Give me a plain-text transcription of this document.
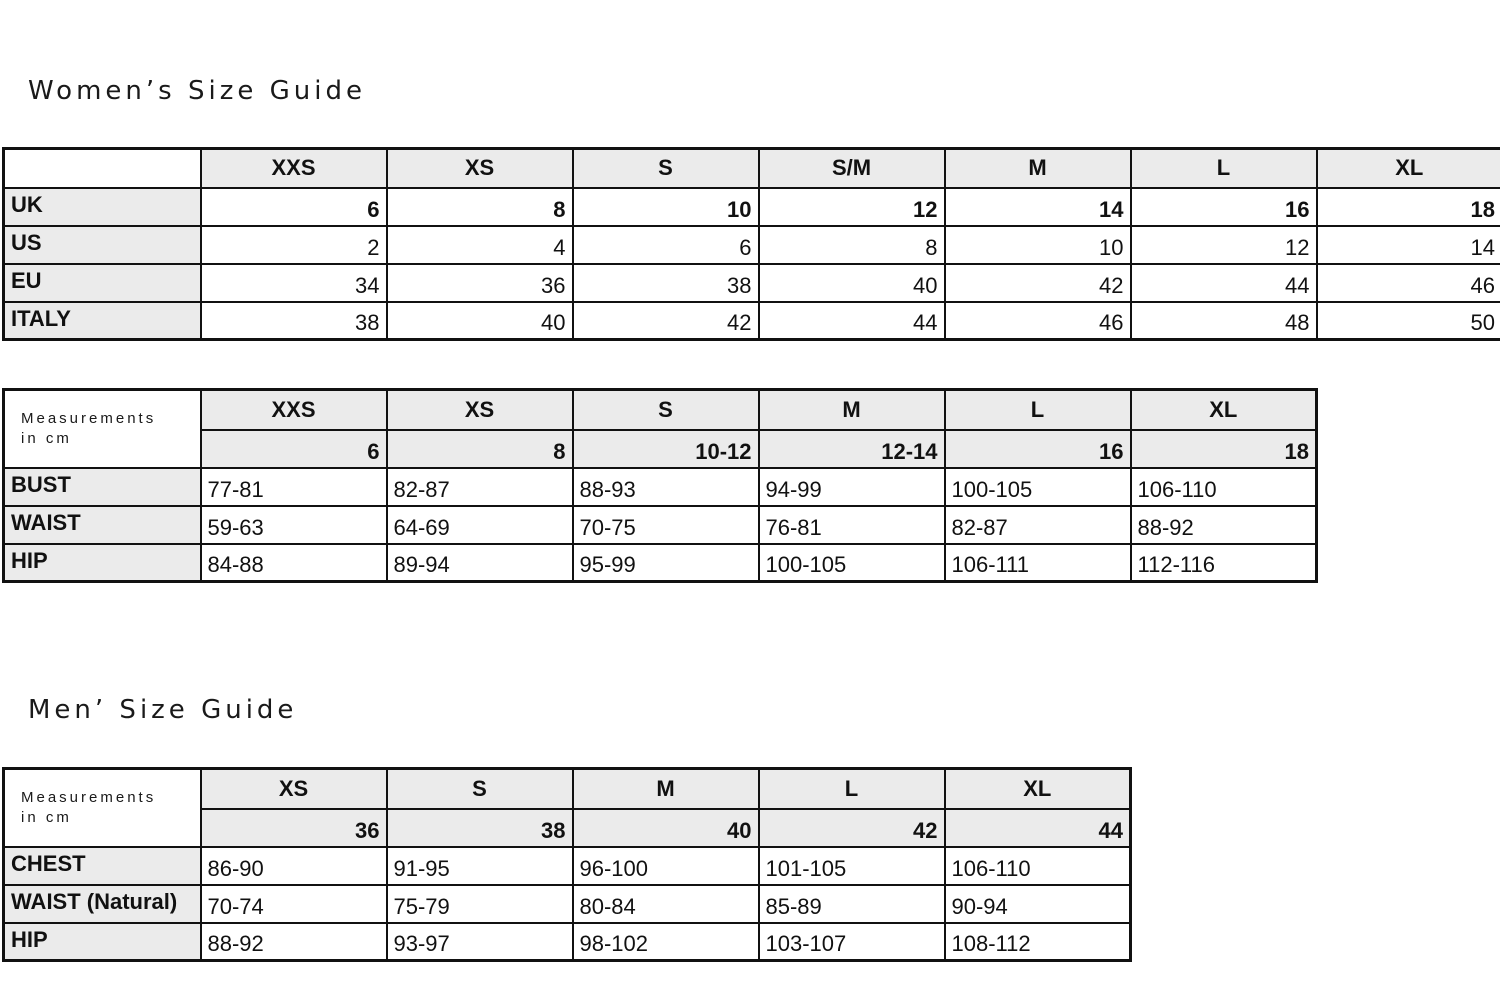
Women’s Size Guide
	XXS	XS	S	S/M	M	L	XL
UK	6	8	10	12	14	16	18
US	2	4	6	8	10	12	14
EU	34	36	38	40	42	44	46
ITALY	38	40	42	44	46	48	50
Measurements
in cm	XXS	XS	S	M	L	XL
	6	8	10-12	12-14	16	18
BUST	77-81	82-87	88-93	94-99	100-105	106-110
WAIST	59-63	64-69	70-75	76-81	82-87	88-92
HIP	84-88	89-94	95-99	100-105	106-111	112-116
Men’ Size Guide
Measurements
in cm	XS	S	M	L	XL
	36	38	40	42	44
CHEST	86-90	91-95	96-100	101-105	106-110
WAIST (Natural)	70-74	75-79	80-84	85-89	90-94
HIP	88-92	93-97	98-102	103-107	108-112
